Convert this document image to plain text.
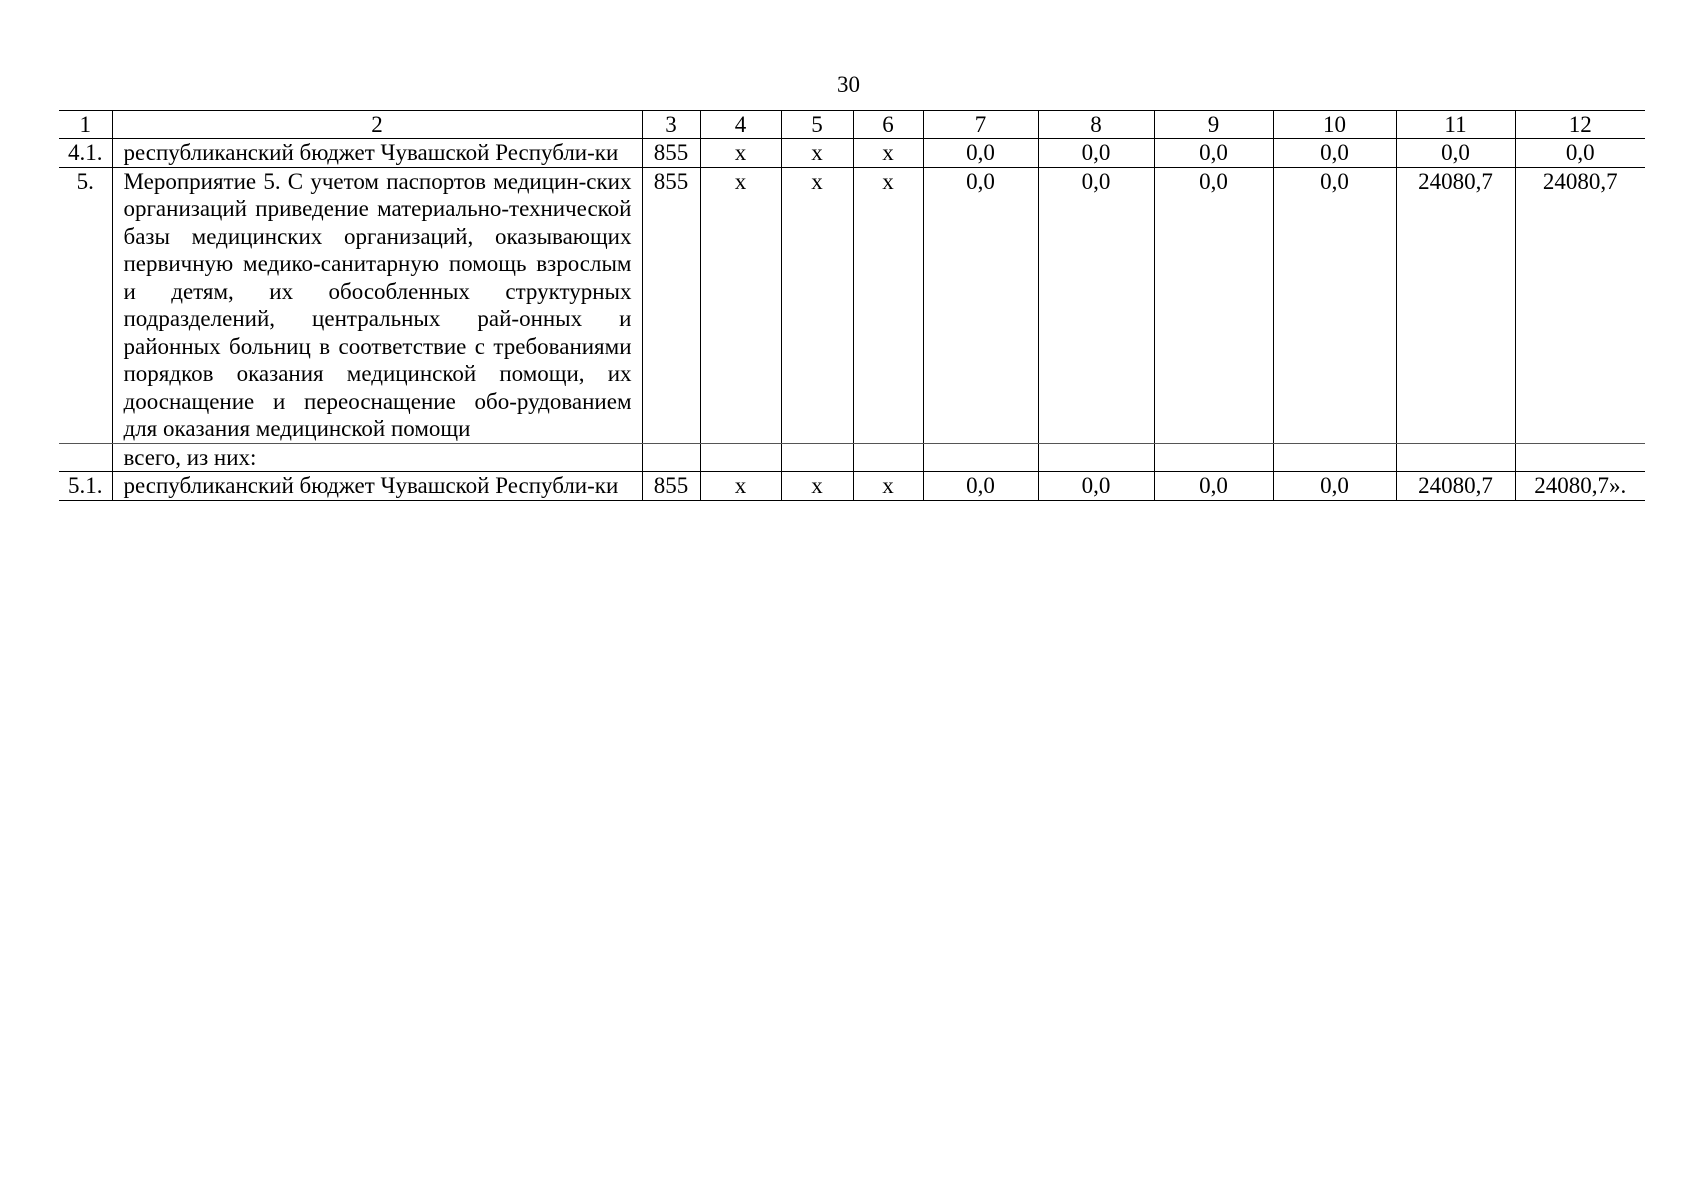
30
1	2	3	4	5	6	7	8	9	10	11	12
4.1.	республиканский бюджет Чувашской Республи-ки	855	x	x	x	0,0	0,0	0,0	0,0	0,0	0,0
5.	Мероприятие 5. С учетом паспортов медицин-ских организаций приведение материально-технической базы медицинских организаций, оказывающих первичную медико-санитарную помощь взрослым и детям, их обособленных структурных подразделений, центральных рай-онных и районных больниц в соответствие с требованиями порядков оказания медицинской помощи, их дооснащение и переоснащение обо-рудованием для оказания медицинской помощи	855	x	x	x	0,0	0,0	0,0	0,0	24080,7	24080,7
	всего, из них:										
5.1.	республиканский бюджет Чувашской Республи-ки	855	x	x	x	0,0	0,0	0,0	0,0	24080,7	24080,7».
